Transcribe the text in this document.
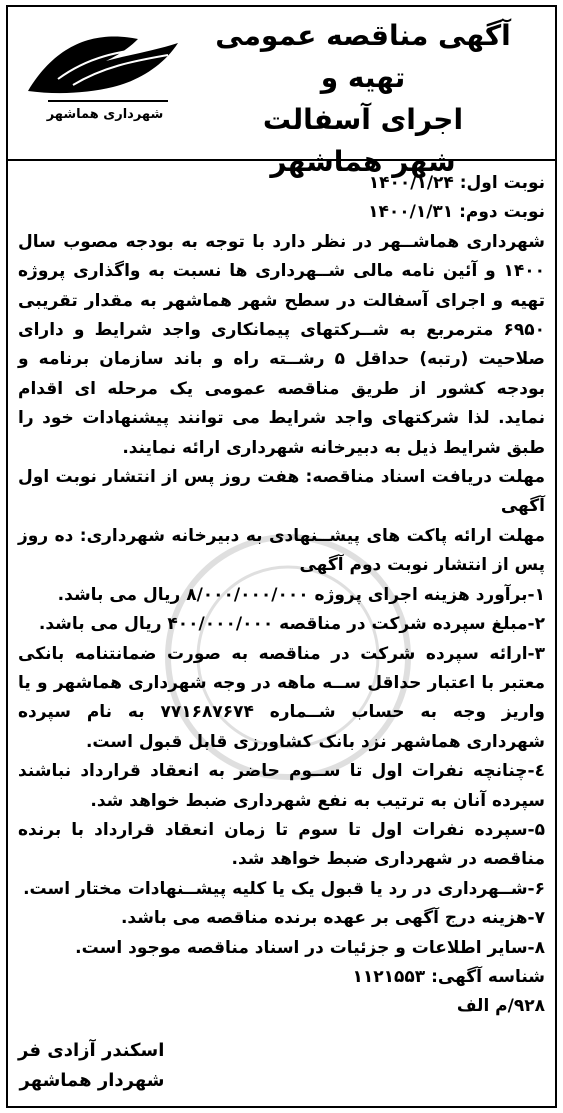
آگهی مناقصه عمومی تهیه و
اجرای آسفالت
شهر هماشهر
شهرداری هماشهر

نوبت اول: ۱۴۰۰/۱/۲۴

نوبت دوم: ۱۴۰۰/۱/۳۱

شهرداری هماشــهر در نظر دارد با توجه به بودجه مصوب سال ۱۴۰۰ و آئین نامه مالی شــهرداری ها نسبت به واگذاری پروژه تهیه و اجرای آسفالت در سطح شهر هماشهر به مقدار تقریبی ۶۹۵۰ مترمربع به شــرکتهای پیمانکاری واجد شرایط و دارای صلاحیت (رتبه) حداقل ۵ رشــته راه و باند سازمان برنامه و بودجه کشور از طریق مناقصه عمومی یک مرحله ای اقدام نماید. لذا شرکتهای واجد شرایط می توانند پیشنهادات خود را طبق شرایط ذیل به دبیرخانه شهرداری ارائه نمایند.

مهلت دریافت اسناد مناقصه: هفت روز پس از انتشار نوبت اول آگهی

مهلت ارائه پاکت های پیشــنهادی به دبیرخانه شهرداری: ده روز پس از انتشار نوبت دوم آگهی

۱-برآورد هزینه اجرای پروژه ۸/۰۰۰/۰۰۰/۰۰۰ ریال می باشد.

۲-مبلغ سپرده شرکت در مناقصه ۴۰۰/۰۰۰/۰۰۰ ریال می باشد.

۳-ارائه سپرده شرکت در مناقصه به صورت ضمانتنامه بانکی معتبر با اعتبار حداقل ســه ماهه در وجه شهرداری هماشهر و یا واریز وجه به حساب شــماره ۷۷۱۶۸۷۶۷۴ به نام سپرده شهرداری هماشهر نزد بانک کشاورزی قابل قبول است.

٤-چنانچه نفرات اول تا ســوم حاضر به انعقاد قرارداد نباشند سپرده آنان به ترتیب به نفع شهرداری ضبط خواهد شد.

۵-سپرده نفرات اول تا سوم تا زمان انعقاد قرارداد با برنده مناقصه در شهرداری ضبط خواهد شد.

۶-شــهرداری در رد یا قبول یک یا کلیه پیشــنهادات مختار است.

۷-هزینه درج آگهی بر عهده برنده مناقصه می باشد.

۸-سایر اطلاعات و جزئیات در اسناد مناقصه موجود است.

شناسه آگهی: ۱۱۲۱۵۵۳

۹۲۸/م الف

اسکندر آزادی فر
شهردار هماشهر
